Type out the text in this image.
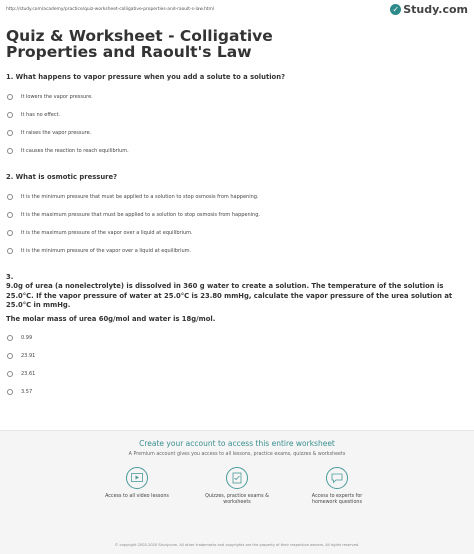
http://study.com/academy/practice/quiz-worksheet-colligative-properties-and-raoult-s-law.html	✓ Study.com
Quiz & Worksheet - Colligative Properties and Raoult's Law
1. What happens to vapor pressure when you add a solute to a solution?
It lowers the vapor pressure.
It has no effect.
It raises the vapor pressure.
It causes the reaction to reach equilibrium.
2. What is osmotic pressure?
It is the minimum pressure that must be applied to a solution to stop osmosis from happening.
It is the maximum pressure that must be applied to a solution to stop osmosis from happening.
It is the maximum pressure of the vapor over a liquid at equilibrium.
It is the minimum pressure of the vapor over a liquid at equilibrium.
3.
9.0g of urea (a nonelectrolyte) is dissolved in 360 g water to create a solution. The temperature of the solution is 25.0°C. If the vapor pressure of water at 25.0°C is 23.80 mmHg, calculate the vapor pressure of the urea solution at 25.0°C in mmHg.
The molar mass of urea 60g/mol and water is 18g/mol.
0.99
23.91
23.61
3.57
Create your account to access this entire worksheet
A Premium account gives you access to all lessons, practice exams, quizzes & worksheets
Access to all video lessons	Quizzes, practice exams & worksheets
Access to experts for homework questions
© copyright 2003-2020 Study.com. All other trademarks and copyrights are the property of their respective owners. All rights reserved.
